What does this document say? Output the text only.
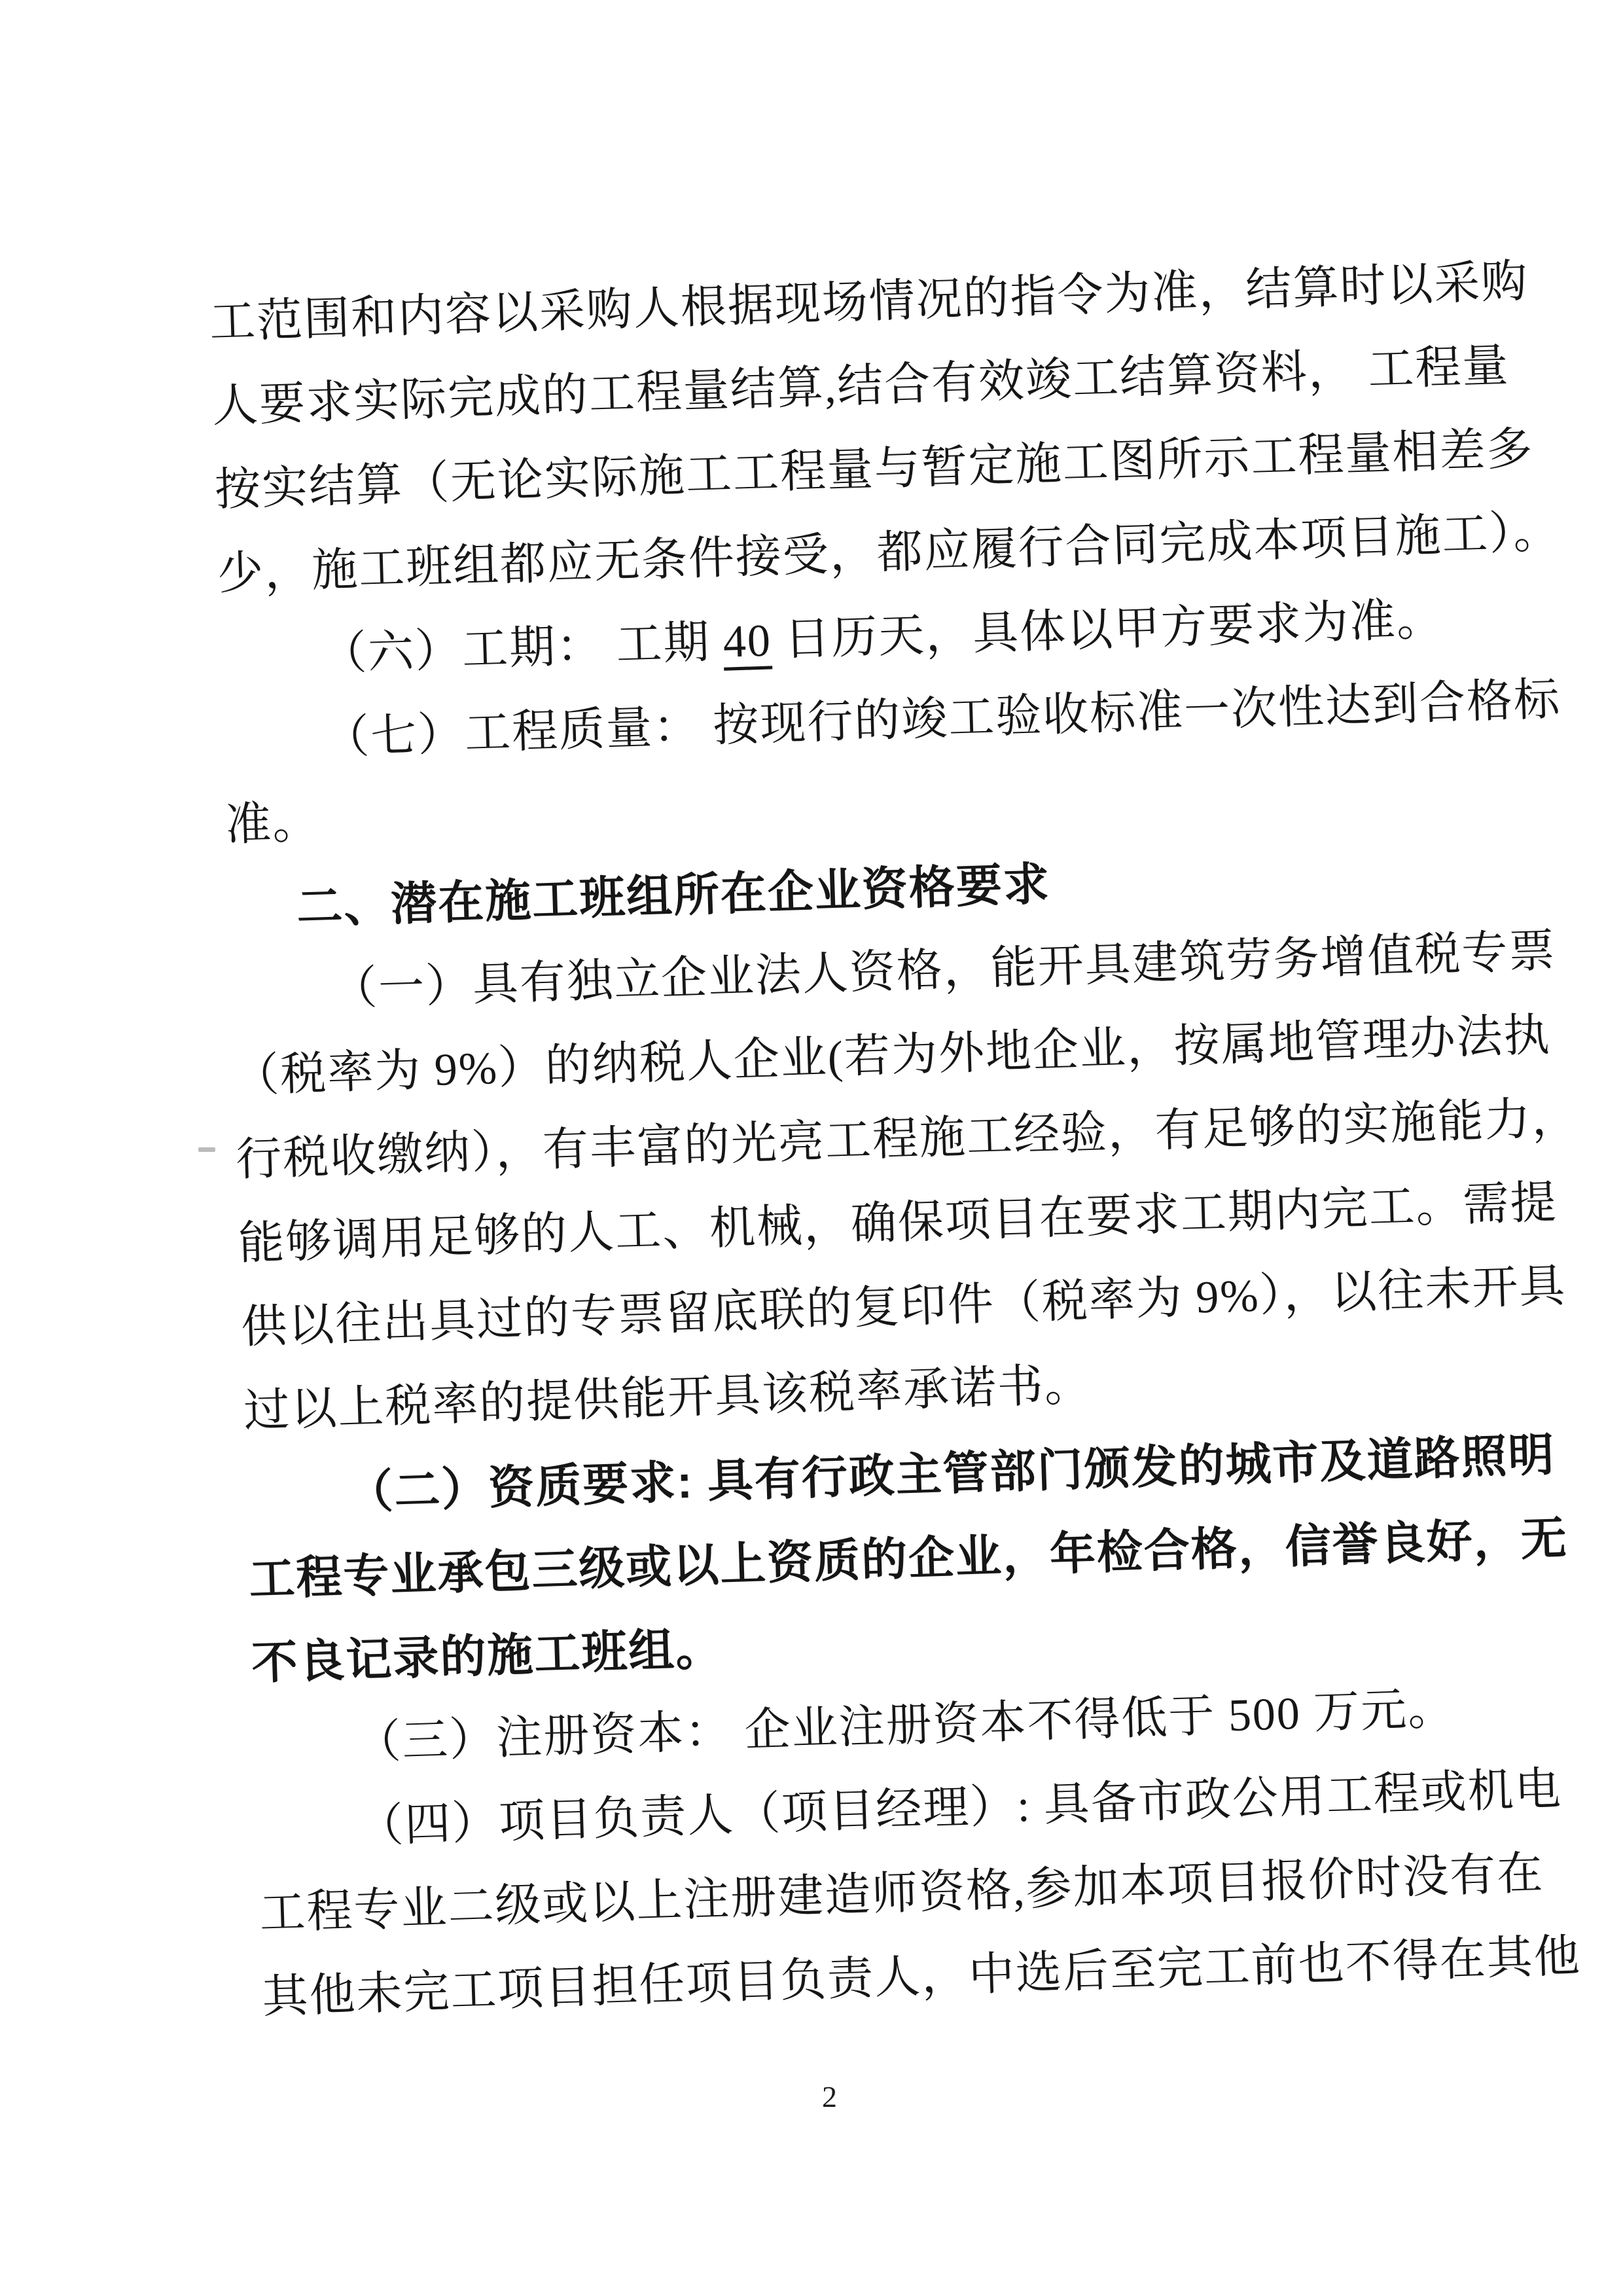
工范围和内容以采购人根据现场情况的指令为准，结算时以采购
人要求实际完成的工程量结算,结合有效竣工结算资料， 工程量
按实结算（无论实际施工工程量与暂定施工图所示工程量相差多
少，施工班组都应无条件接受，都应履行合同完成本项目施工）。
（六）工期： 工期 40 日历天，具体以甲方要求为准。
（七）工程质量： 按现行的竣工验收标准一次性达到合格标
准。
二、潜在施工班组所在企业资格要求
（一）具有独立企业法人资格，能开具建筑劳务增值税专票
（税率为 9%）的纳税人企业(若为外地企业，按属地管理办法执
行税收缴纳），有丰富的光亮工程施工经验，有足够的实施能力，
能够调用足够的人工、机械，确保项目在要求工期内完工。需提
供以往出具过的专票留底联的复印件（税率为 9%），以往未开具
过以上税率的提供能开具该税率承诺书。
（二）资质要求: 具有行政主管部门颁发的城市及道路照明
工程专业承包三级或以上资质的企业，年检合格，信誉良好，无
不良记录的施工班组。
（三）注册资本： 企业注册资本不得低于 500 万元。
（四）项目负责人（项目经理）: 具备市政公用工程或机电
工程专业二级或以上注册建造师资格,参加本项目报价时没有在
其他未完工项目担任项目负责人，中选后至完工前也不得在其他
2
